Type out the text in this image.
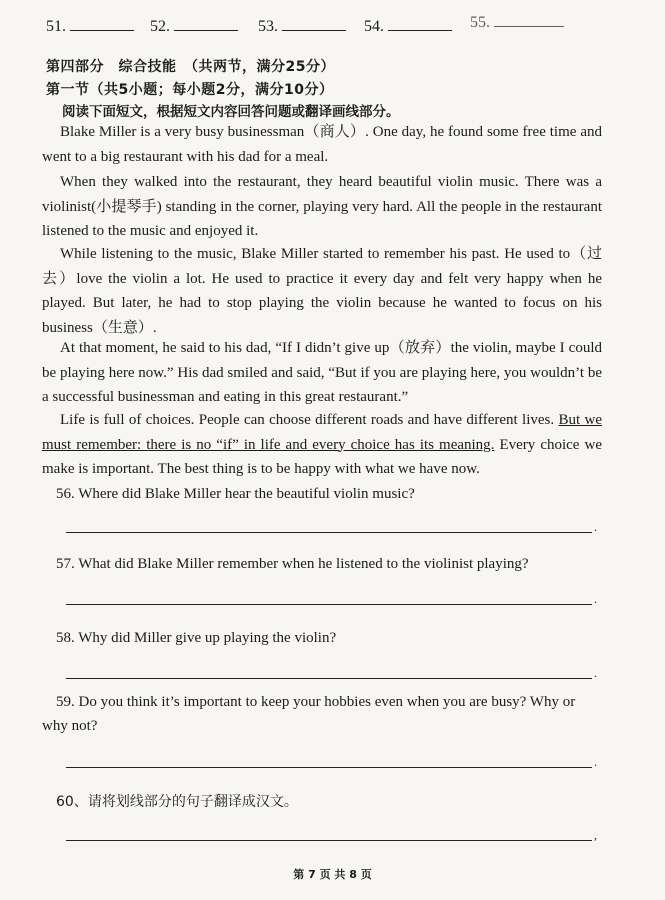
51.	52.	53.	54.	55.
第四部分　综合技能　（共两节，满分25分）
第一节（共5小题；每小题2分，满分10分）
阅读下面短文，根据短文内容回答问题或翻译画线部分。
Blake Miller is a very busy businessman（商人）. One day, he found some free time and went to a big restaurant with his dad for a meal.
When they walked into the restaurant, they heard beautiful violin music. There was a violinist(小提琴手) standing in the corner, playing very hard. All the people in the restaurant listened to the music and enjoyed it.
While listening to the music, Blake Miller started to remember his past. He used to（过去）love the violin a lot. He used to practice it every day and felt very happy when he played. But later, he had to stop playing the violin because he wanted to focus on his business（生意）.
At that moment, he said to his dad, “If I didn’t give up（放弃）the violin, maybe I could be playing here now.” His dad smiled and said, “But if you are playing here, you wouldn’t be a successful businessman and eating in this great restaurant.”
Life is full of choices. People can choose different roads and have different lives. But we must remember: there is no “if” in life and every choice has its meaning. Every choice we make is important. The best thing is to be happy with what we have now.
56. Where did Blake Miller hear the beautiful violin music?
.
57. What did Blake Miller remember when he listened to the violinist playing?
.
58. Why did Miller give up playing the violin?
.
59. Do you think it’s important to keep your hobbies even when you are busy? Why or why not?
.
60、请将划线部分的句子翻译成汉文。
,
第 7 页 共 8 页
